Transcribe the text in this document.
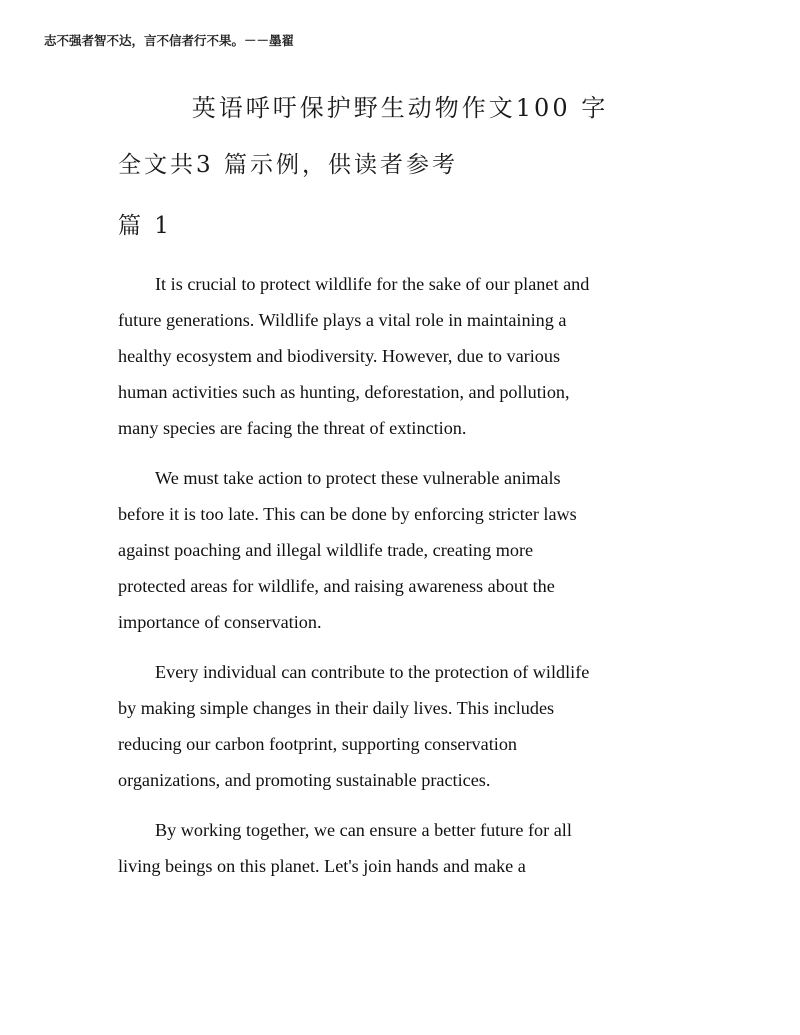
志不强者智不达，言不信者行不果。－－墨翟
英语呼吁保护野生动物作文100 字
全文共3 篇示例，供读者参考
篇 1
It is crucial to protect wildlife for the sake of our planet and
future generations. Wildlife plays a vital role in maintaining a
healthy ecosystem and biodiversity. However, due to various
human activities such as hunting, deforestation, and pollution,
many species are facing the threat of extinction.
We must take action to protect these vulnerable animals
before it is too late. This can be done by enforcing stricter laws
against poaching and illegal wildlife trade, creating more
protected areas for wildlife, and raising awareness about the
importance of conservation.
Every individual can contribute to the protection of wildlife
by making simple changes in their daily lives. This includes
reducing our carbon footprint, supporting conservation
organizations, and promoting sustainable practices.
By working together, we can ensure a better future for all
living beings on this planet. Let's join hands and make a
